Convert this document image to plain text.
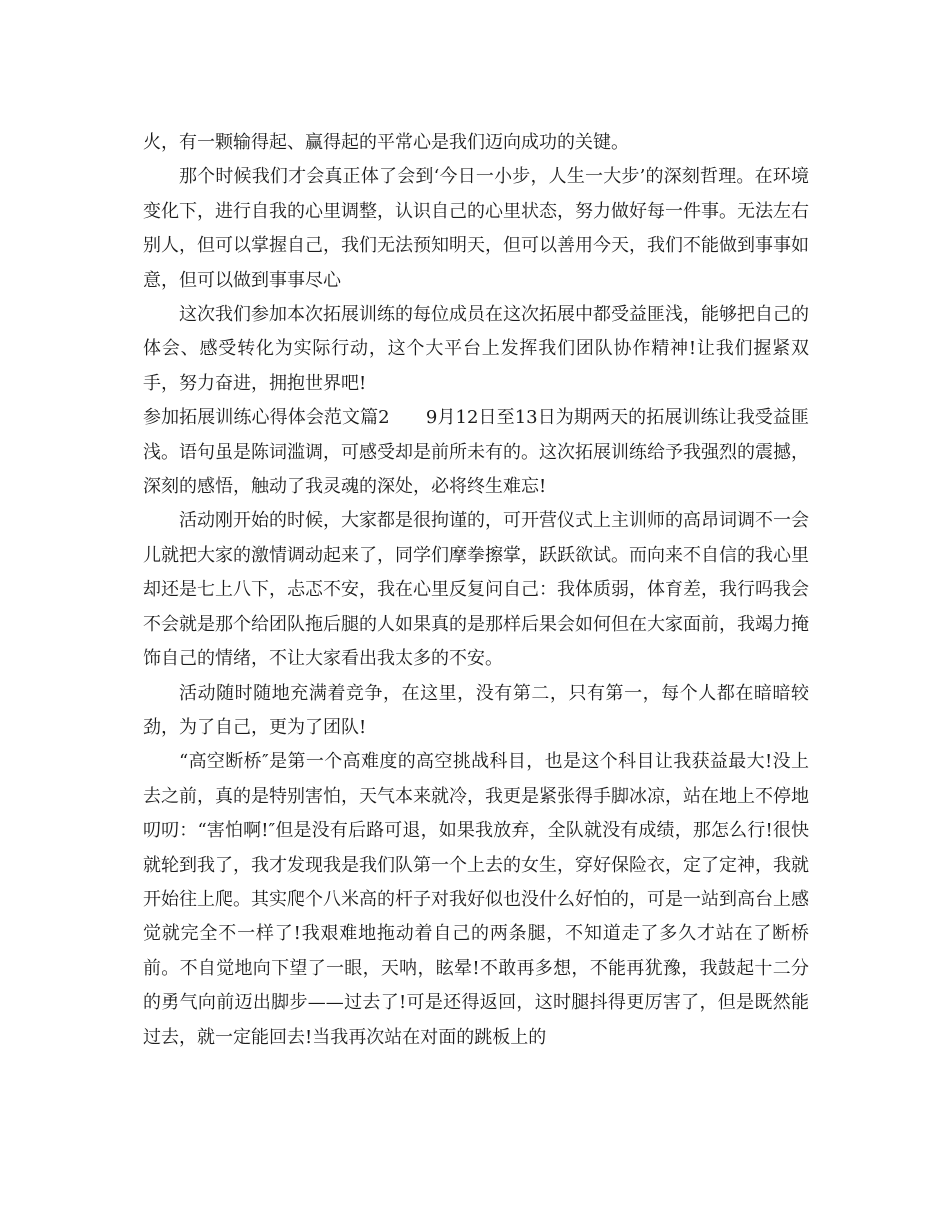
火，有一颗输得起、赢得起的平常心是我们迈向成功的关键。

那个时候我们才会真正体了会到‘今日一小步，人生一大步’的深刻哲理。在环境变化下，进行自我的心里调整，认识自己的心里状态，努力做好每一件事。无法左右别人，但可以掌握自己，我们无法预知明天，但可以善用今天，我们不能做到事事如意，但可以做到事事尽心

这次我们参加本次拓展训练的每位成员在这次拓展中都受益匪浅，能够把自己的体会、感受转化为实际行动，这个大平台上发挥我们团队协作精神!让我们握紧双手，努力奋进，拥抱世界吧!

参加拓展训练心得体会范文篇2　　9月12日至13日为期两天的拓展训练让我受益匪浅。语句虽是陈词滥调，可感受却是前所未有的。这次拓展训练给予我强烈的震撼，深刻的感悟，触动了我灵魂的深处，必将终生难忘!

活动刚开始的时候，大家都是很拘谨的，可开营仪式上主训师的高昂词调不一会儿就把大家的激情调动起来了，同学们摩拳擦掌，跃跃欲试。而向来不自信的我心里却还是七上八下，忐忑不安，我在心里反复问自己：我体质弱，体育差，我行吗我会不会就是那个给团队拖后腿的人如果真的是那样后果会如何但在大家面前，我竭力掩饰自己的情绪，不让大家看出我太多的不安。

活动随时随地充满着竞争，在这里，没有第二，只有第一，每个人都在暗暗较劲，为了自己，更为了团队!

“高空断桥″是第一个高难度的高空挑战科目，也是这个科目让我获益最大!没上去之前，真的是特别害怕，天气本来就冷，我更是紧张得手脚冰凉，站在地上不停地叨叨：“害怕啊!″但是没有后路可退，如果我放弃，全队就没有成绩，那怎么行!很快就轮到我了，我才发现我是我们队第一个上去的女生，穿好保险衣，定了定神，我就开始往上爬。其实爬个八米高的杆子对我好似也没什么好怕的，可是一站到高台上感觉就完全不一样了!我艰难地拖动着自己的两条腿，不知道走了多久才站在了断桥前。不自觉地向下望了一眼，天呐，眩晕!不敢再多想，不能再犹豫，我鼓起十二分的勇气向前迈出脚步——过去了!可是还得返回，这时腿抖得更厉害了，但是既然能过去，就一定能回去!当我再次站在对面的跳板上的
